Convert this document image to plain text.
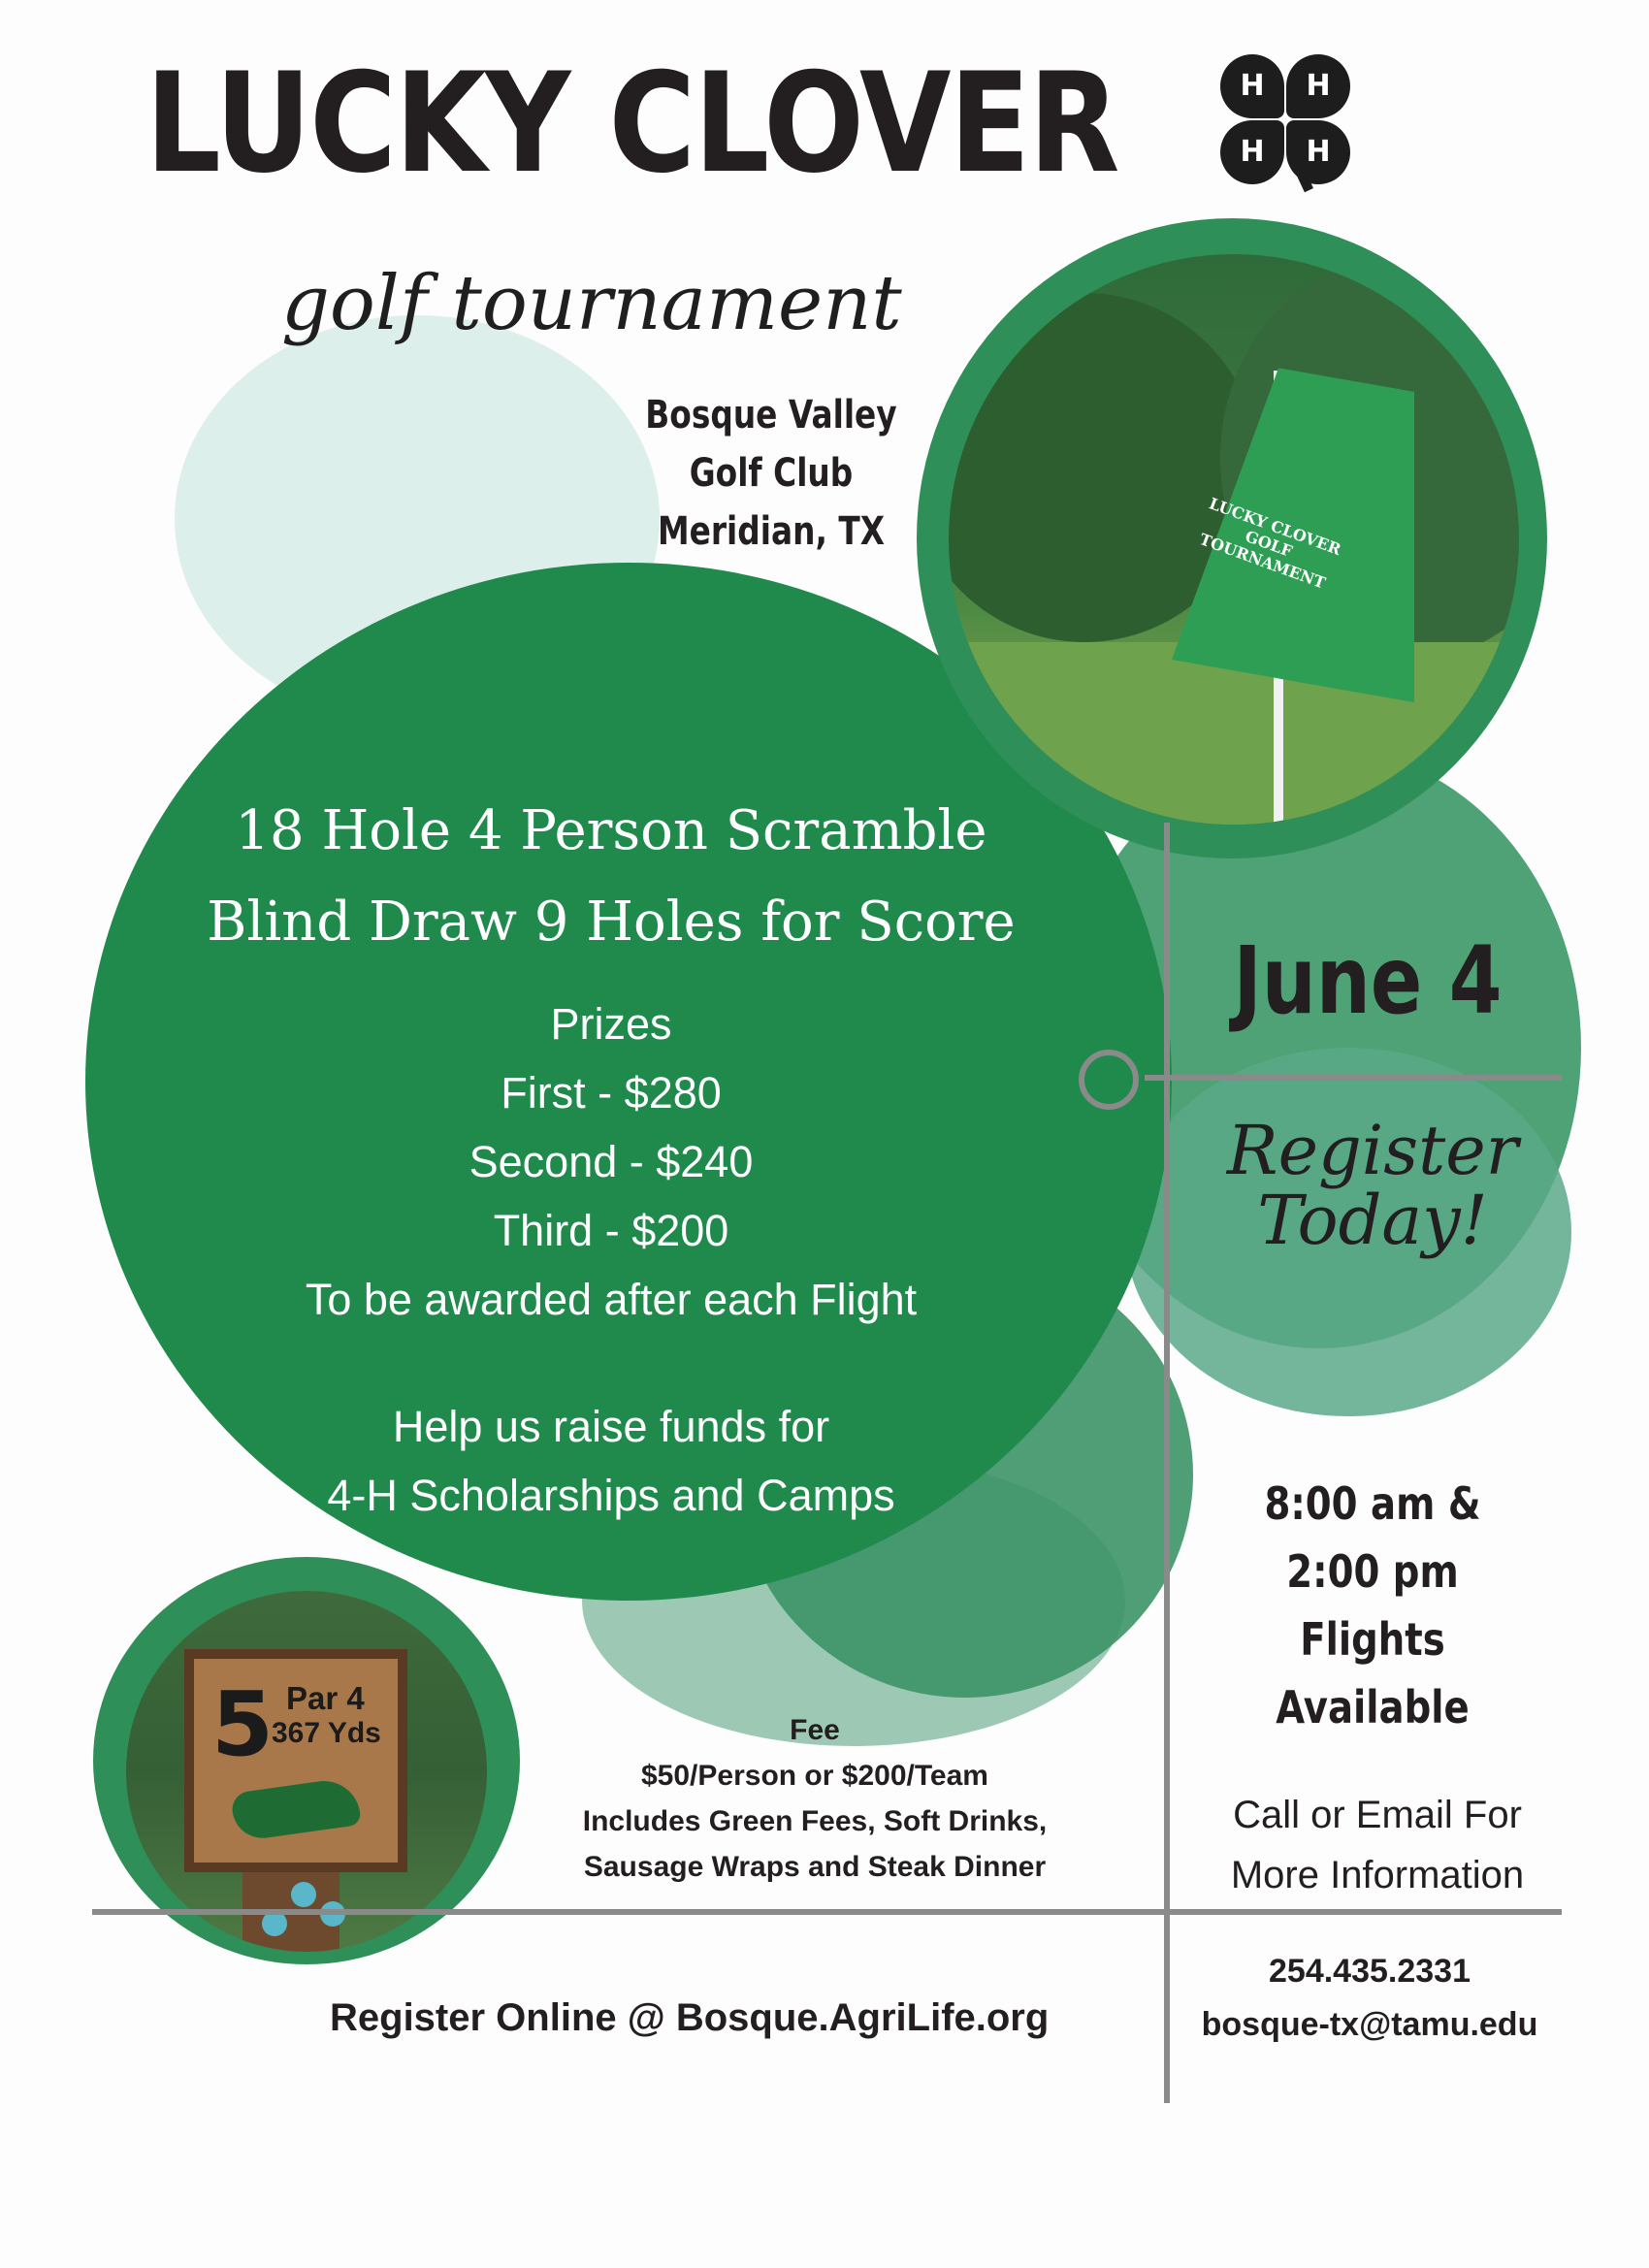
LUCKY CLOVER GOLF TOURNAMENT
5 Par 4
367 Yds
LUCKY CLOVER	H	H
H	H
golf tournament
Bosque Valley
Golf Club
Meridian, TX
18 Hole 4 Person Scramble
Blind Draw 9 Holes for Score
Prizes
First - $280
Second - $240
Third - $200
To be awarded after each Flight
Help us raise funds for
4-H Scholarships and Camps
June 4
Register
Today!
8:00 am &
2:00 pm Flights
Available
Call or Email For
More Information
Fee
$50/Person or $200/Team
Includes Green Fees, Soft Drinks,
Sausage Wraps and Steak Dinner
Register Online @ Bosque.AgriLife.org
254.435.2331
bosque-tx@tamu.edu
